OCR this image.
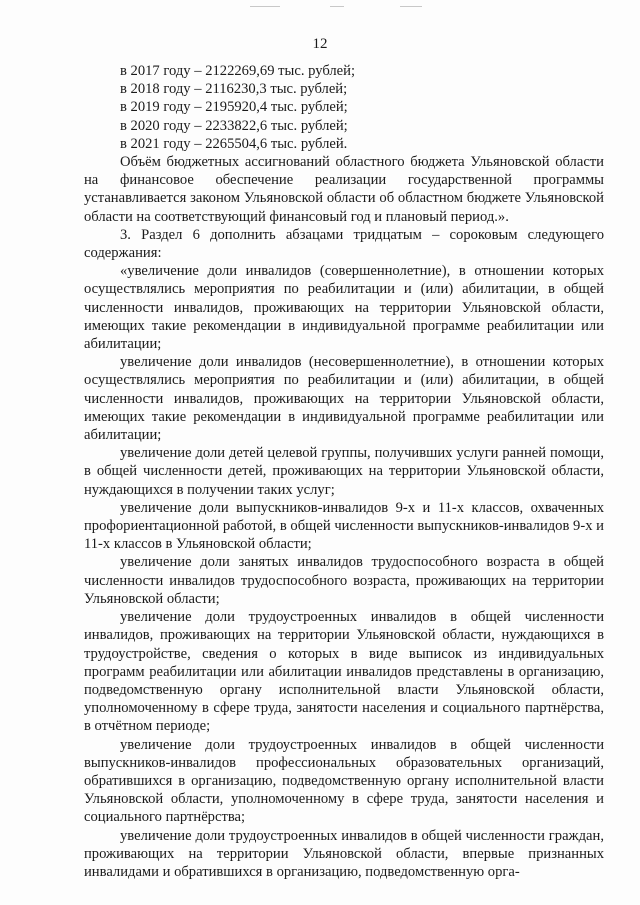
12

в 2017 году – 2122269,69 тыс. рублей;

в 2018 году – 2116230,3 тыс. рублей;

в 2019 году – 2195920,4 тыс. рублей;

в 2020 году – 2233822,6 тыс. рублей;

в 2021 году – 2265504,6 тыс. рублей.

Объём бюджетных ассигнований областного бюджета Ульяновской области на финансовое обеспечение реализации государственной программы устанавливается законом Ульяновской области об областном бюджете Ульяновской области на соответствующий финансовый год и плановый период.».

3. Раздел 6 дополнить абзацами тридцатым – сороковым следующего содержания:

«увеличение доли инвалидов (совершеннолетние), в отношении которых осуществлялись мероприятия по реабилитации и (или) абилитации, в общей численности инвалидов, проживающих на территории Ульяновской области, имеющих такие рекомендации в индивидуальной программе реабилитации или абилитации;

увеличение доли инвалидов (несовершеннолетние), в отношении которых осуществлялись мероприятия по реабилитации и (или) абилитации, в общей численности инвалидов, проживающих на территории Ульяновской области, имеющих такие рекомендации в индивидуальной программе реабилитации или абилитации;

увеличение доли детей целевой группы, получивших услуги ранней помощи, в общей численности детей, проживающих на территории Ульяновской области, нуждающихся в получении таких услуг;

увеличение доли выпускников-инвалидов 9-х и 11-х классов, охваченных профориентационной работой, в общей численности выпускников-инвалидов 9-х и 11-х классов в Ульяновской области;

увеличение доли занятых инвалидов трудоспособного возраста в общей численности инвалидов трудоспособного возраста, проживающих на территории Ульяновской области;

увеличение доли трудоустроенных инвалидов в общей численности инвалидов, проживающих на территории Ульяновской области, нуждающихся в трудоустройстве, сведения о которых в виде выписок из индивидуальных программ реабилитации или абилитации инвалидов представлены в организацию, подведомственную органу исполнительной власти Ульяновской области, уполномоченному в сфере труда, занятости населения и социального партнёрства, в отчётном периоде;

увеличение доли трудоустроенных инвалидов в общей численности выпускников-инвалидов профессиональных образовательных организаций, обратившихся в организацию, подведомственную органу исполнительной власти Ульяновской области, уполномоченному в сфере труда, занятости населения и социального партнёрства;

увеличение доли трудоустроенных инвалидов в общей численности граждан, проживающих на территории Ульяновской области, впервые признанных инвалидами и обратившихся в организацию, подведомственную орга-
